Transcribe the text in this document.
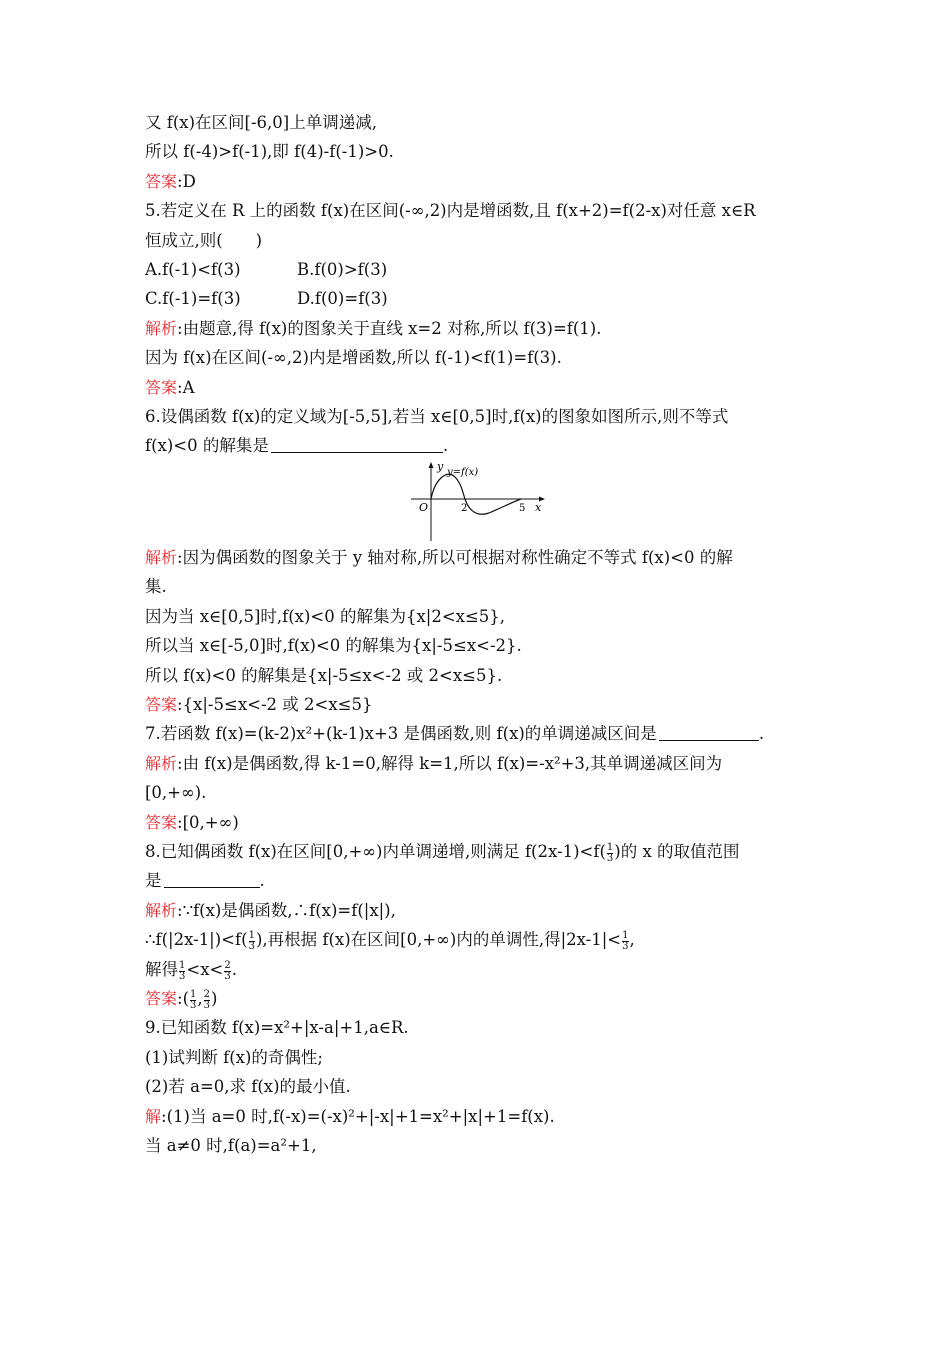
又 f(x)在区间[-6,0]上单调递减,
所以 f(-4)>f(-1),即 f(4)-f(-1)>0.
答案:D
5.若定义在 R 上的函数 f(x)在区间(-∞,2)内是增函数,且 f(x+2)=f(2-x)对任意 x∈R
恒成立,则(　　)
A.f(-1)<f(3)	B.f(0)>f(3)
C.f(-1)=f(3)	D.f(0)=f(3)
解析:由题意,得 f(x)的图象关于直线 x=2 对称,所以 f(3)=f(1).
因为 f(x)在区间(-∞,2)内是增函数,所以 f(-1)<f(1)=f(3).
答案:A
6.设偶函数 f(x)的定义域为[-5,5],若当 x∈[0,5]时,f(x)的图象如图所示,则不等式
f(x)<0 的解集是	.
y y=f(x)
O	2	5 x
解析:因为偶函数的图象关于 y 轴对称,所以可根据对称性确定不等式 f(x)<0 的解
集.
因为当 x∈[0,5]时,f(x)<0 的解集为{x|2<x≤5},
所以当 x∈[-5,0]时,f(x)<0 的解集为{x|-5≤x<-2}.
所以 f(x)<0 的解集是{x|-5≤x<-2 或 2<x≤5}.
答案:{x|-5≤x<-2 或 2<x≤5}
7.若函数 f(x)=(k-2)x²+(k-1)x+3 是偶函数,则 f(x)的单调递减区间是	.
解析:由 f(x)是偶函数,得 k-1=0,解得 k=1,所以 f(x)=-x²+3,其单调递减区间为
[0,+∞).
答案:[0,+∞)
8.已知偶函数 f(x)在区间[0,+∞)内单调递增,则满足 $f(2x-1)<f( \frac{1}{3}$ )的 x 的取值范围
是	.
解析:∵f(x)是偶函数,∴f(x)=f(|x|),
∴f(|2x-1|)<f( $\frac{1}{3}$ ),再根据 f(x)在区间[0,+∞)内的单调性,得$|2x-1|< \frac{1}{3}$ ,
解得 $\frac{1}{3} <x< \frac{2}{3}$ .
答案:( $\frac{1}{3}$ , $\frac{2}{3}$ )
9.已知函数 f(x)=x²+|x-a|+1,a∈R.
(1)试判断 f(x)的奇偶性;
(2)若 a=0,求 f(x)的最小值.
解:(1)当 a=0 时,f(-x)=(-x)²+|-x|+1=x²+|x|+1=f(x).
当 a≠0 时,f(a)=a²+1,
